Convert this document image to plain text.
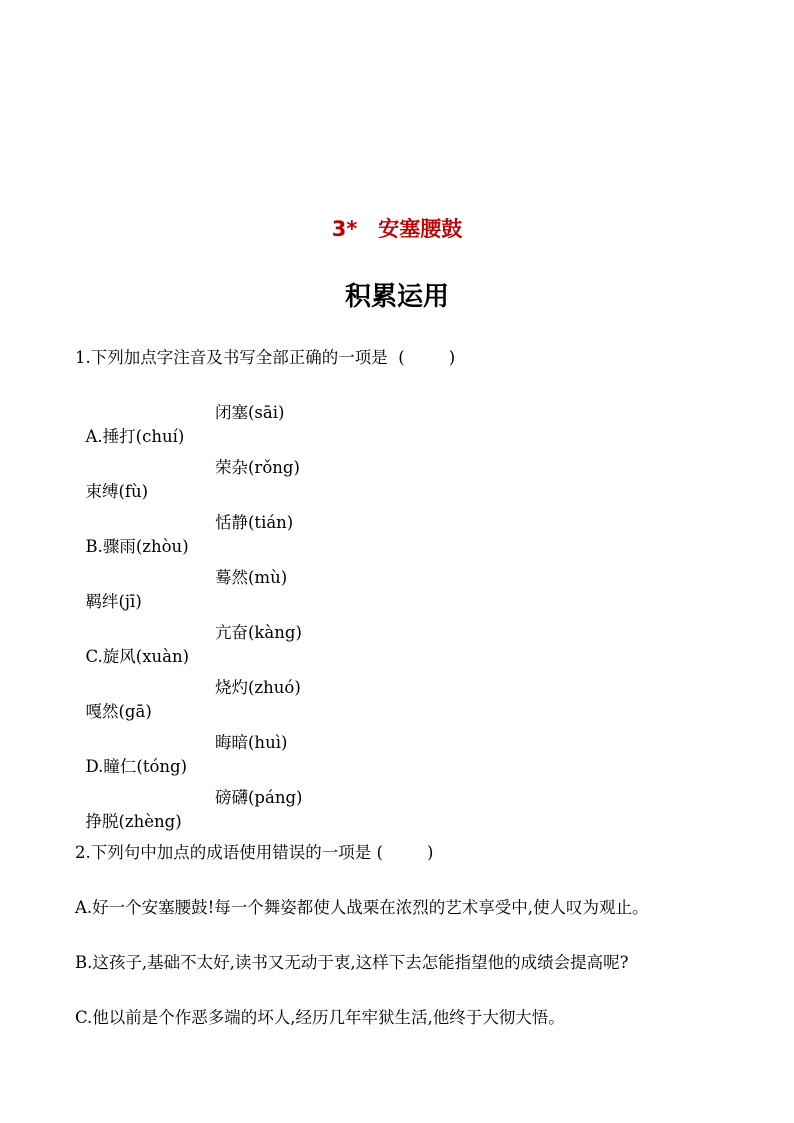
3*　安塞腰鼓
积累运用
1.下列加点字注音及书写全部正确的一项是 (	)

A.捶打(chuí)

闭塞(sāi)

束缚(fù)

荣杂(rǒng)

B.骤雨(zhòu)

恬静(tián)

羁绊(jī)

蓦然(mù)

C.旋风(xuàn)

亢奋(kàng)

嘎然(gā)

烧灼(zhuó)

D.瞳仁(tóng)

晦暗(huì)

挣脱(zhèng)

磅礴(páng)

2.下列句中加点的成语使用错误的一项是 (	)
A.好一个安塞腰鼓!每一个舞姿都使人战栗在浓烈的艺术享受中,使人叹为观止。
B.这孩子,基础不太好,读书又无动于衷,这样下去怎能指望他的成绩会提高呢?
C.他以前是个作恶多端的坏人,经历几年牢狱生活,他终于大彻大悟。
